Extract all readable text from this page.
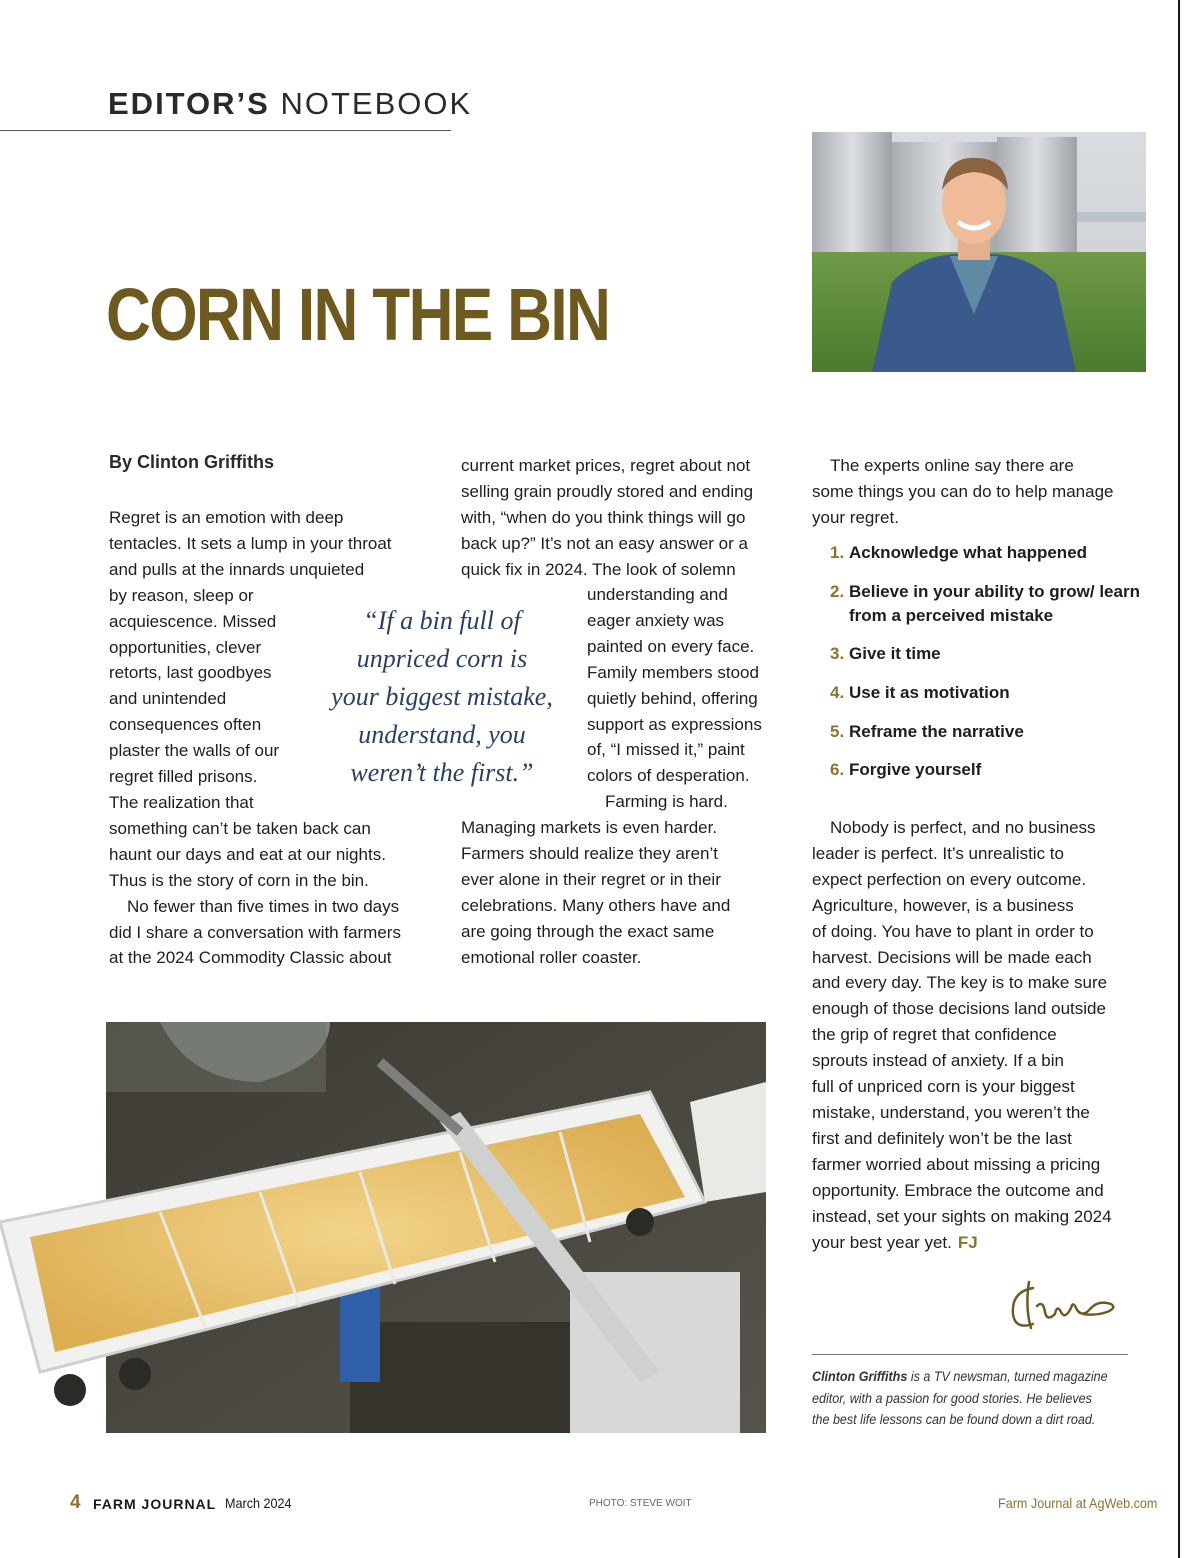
EDITOR’S NOTEBOOK
CORN IN THE BIN
By Clinton Griffiths
Regret is an emotion with deep
tentacles. It sets a lump in your throat
and pulls at the innards unquieted
by reason, sleep or
acquiescence. Missed
opportunities, clever
retorts, last goodbyes
and unintended
consequences often
plaster the walls of our
regret filled prisons.
The realization that
something can’t be taken back can
haunt our days and eat at our nights.
Thus is the story of corn in the bin.
No fewer than five times in two days
did I share a conversation with farmers
at the 2024 Commodity Classic about
current market prices, regret about not
selling grain proudly stored and ending
with, “when do you think things will go
back up?” It’s not an easy answer or a
quick fix in 2024. The look of solemn
understanding and
eager anxiety was
painted on every face.
Family members stood
quietly behind, offering
support as expressions
of, “I missed it,” paint
colors of desperation.
Farming is hard.
Managing markets is even harder.
Farmers should realize they aren’t
ever alone in their regret or in their
celebrations. Many others have and
are going through the exact same
emotional roller coaster.
“If a bin full of
unpriced corn is
your biggest mistake,
understand, you
weren’t the first.”
The experts online say there are
some things you can do to help manage
your regret.
1. Acknowledge what happened
2. Believe in your ability to grow/ learn from a perceived mistake
3. Give it time
4. Use it as motivation
5. Reframe the narrative
6. Forgive yourself
Nobody is perfect, and no business
leader is perfect. It’s unrealistic to
expect perfection on every outcome.
Agriculture, however, is a business
of doing. You have to plant in order to
harvest. Decisions will be made each
and every day. The key is to make sure
enough of those decisions land outside
the grip of regret that confidence
sprouts instead of anxiety. If a bin
full of unpriced corn is your biggest
mistake, understand, you weren’t the
first and definitely won’t be the last
farmer worried about missing a pricing
opportunity. Embrace the outcome and
instead, set your sights on making 2024
your best year yet. FJ
Clinton Griffiths is a TV newsman, turned magazine editor, with a passion for good stories. He believes the best life lessons can be found down a dirt road.
4 FARM JOURNAL March 2024	PHOTO: STEVE WOIT	Farm Journal at AgWeb.com
